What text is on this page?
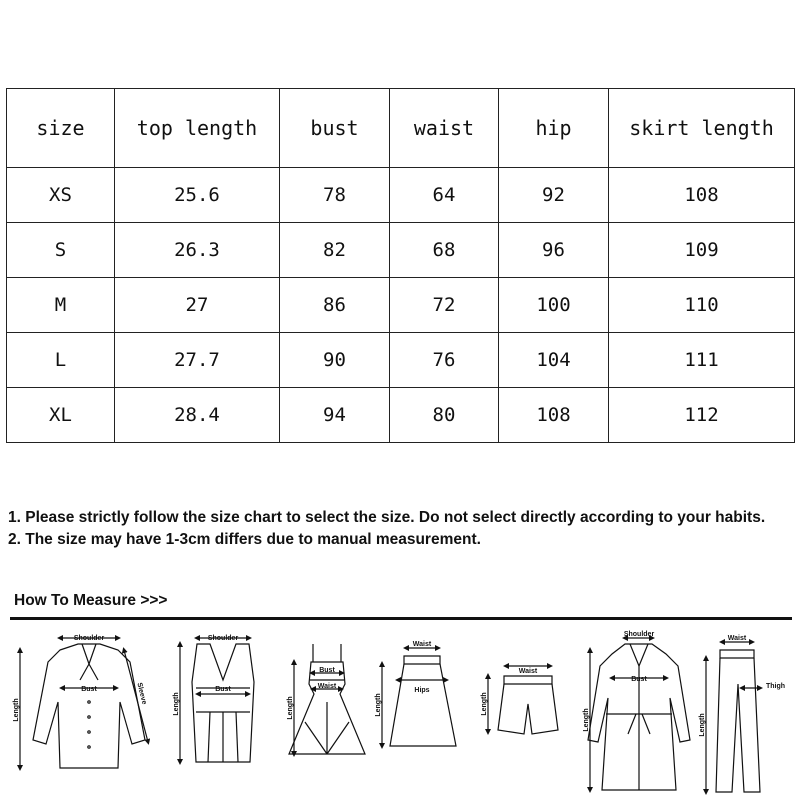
size	top length	bust	waist	hip	skirt length
XS	25.6	78	64	92	108
S	26.3	82	68	96	109
M	27	86	72	100	110
L	27.7	90	76	104	111
XL	28.4	94	80	108	112

1. Please strictly follow the size chart to select the size. Do not select directly according to your habits.

2. The size may have 1-3cm differs due to manual measurement.

How To Measure >>>
Shoulder
Bust
Length
Sleeve
Shoulder
Bust
Length
Bust
Waist
Length
Waist
Hips
Length
Waist
Length
Shoulder
Bust
Length
Waist
Thigh
Length
